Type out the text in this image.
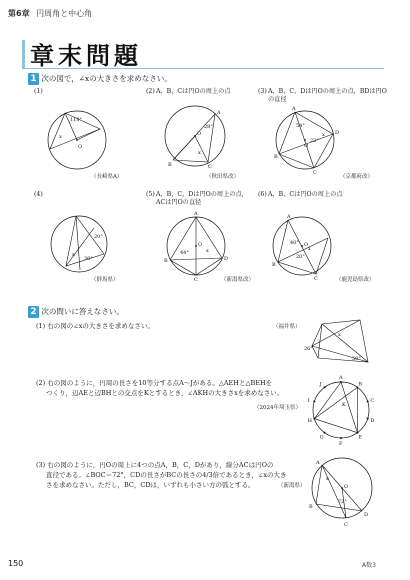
第6章 円周角と中心角
章末問題
1 次の図で，∠xの大きさを求めなさい。
(1)	(2) A，B，Cは円Oの周上の点	(3) A，B，C，Dは円Oの周上の点，BDは円Oの直径
118°
x
O
（長崎県A）
A
B	C
O
28°
x
（秋田県改）
A
B
C
D
54°
22°
x
O
（京都府改）
(4)	(5) A，B，C，Dは円Oの周上の点，ACは円Oの直径
(6) A，B，Cは円Oの周上の点
20°
30°
x
（群馬県）
A
B
C
D
44°	x
O
（新潟県改）
A
B
C
40°
20°
x
O
（鹿児島県改）
2 次の問いに答えなさい。
(1) 右の図の∠xの大きさを求めなさい。	（福井県）
26°
50°
x
(2) 右の図のように，円周の長さを10等分する点A～Jがある。△AEHと△BEHを
つくり，辺AEと辺BHとの交点をKとするとき，∠AKHの大きさxを求めなさい。
（2024年埼玉県）
A
B
C
D
E
F
G
H
I
J
K
(3) 右の図のように，円Oの周上に4つの点A，B，C，Dがあり，線分ACは円Oの
直径である。∠BOC＝72°，CDの長さがBCの長さの4/3倍であるとき，∠xの大き
さを求めなさい。ただし，BC，CDは，いずれも小さい方の弧とする。	（新潟県）
A
B
C
D
72°
x
O
150	A数3
